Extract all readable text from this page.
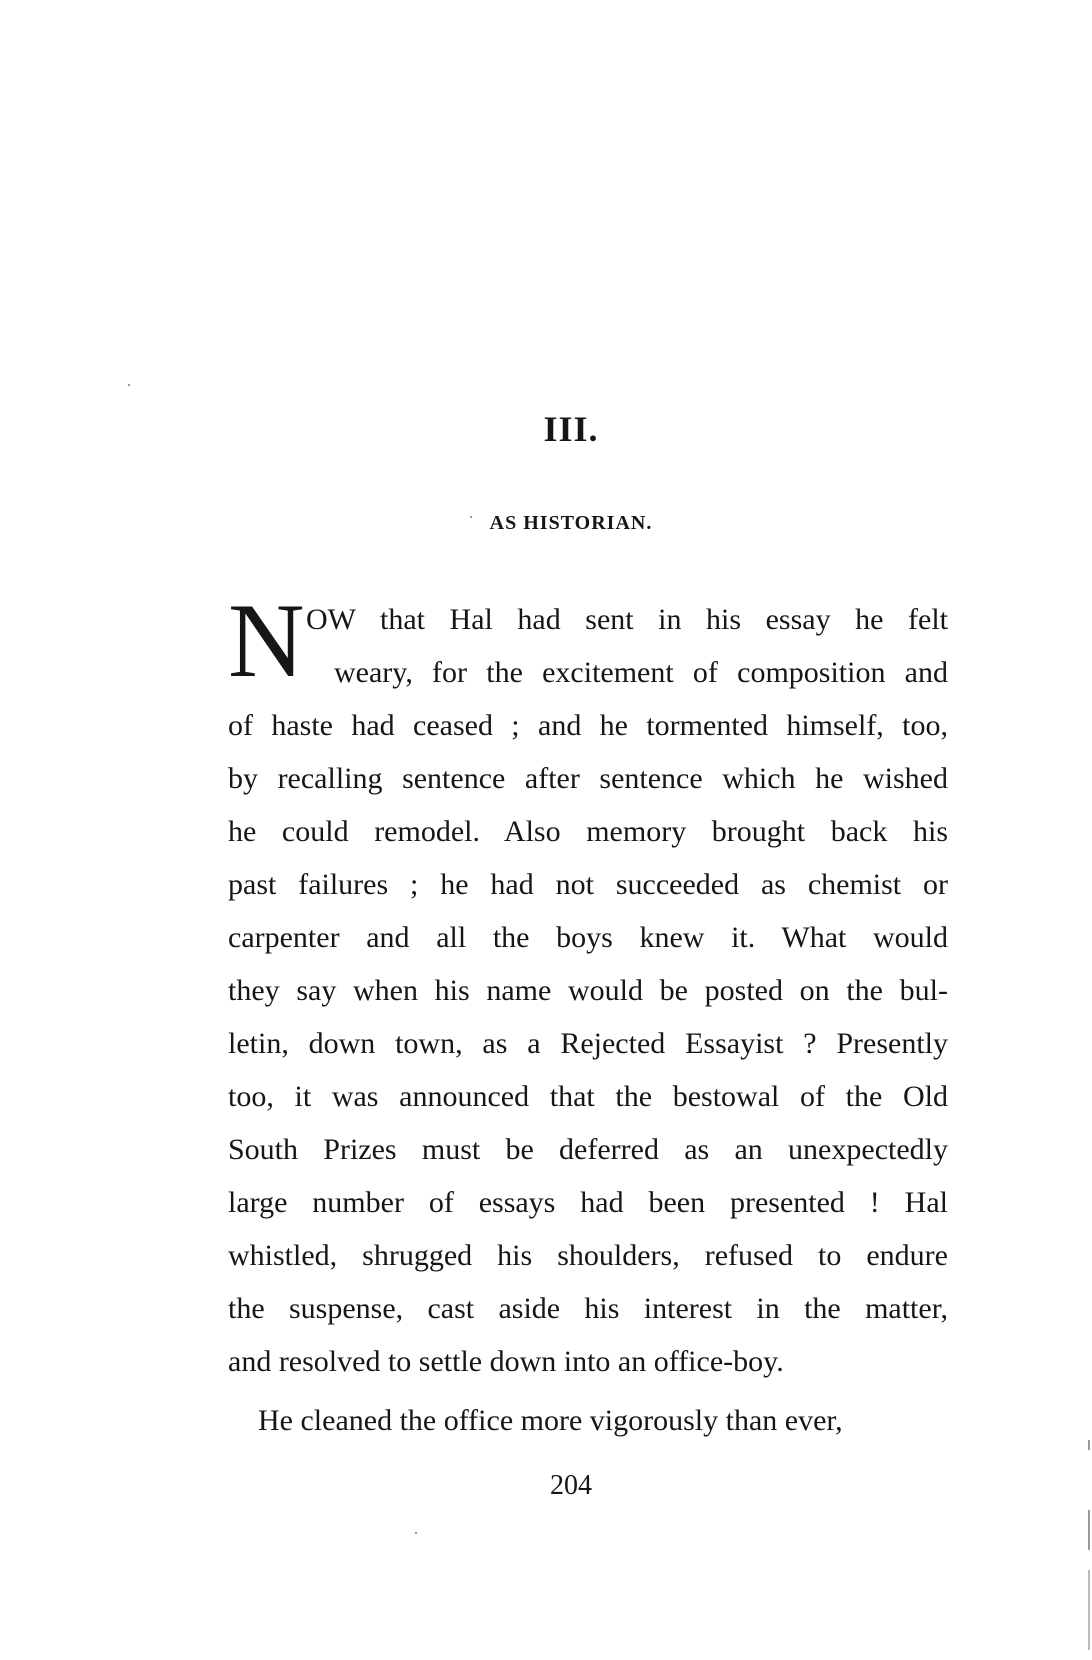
III.
AS HISTORIAN.
N OW that Hal had sent in his essay he felt
weary, for the excitement of composition and
of haste had ceased ; and he tormented himself, too,
by recalling sentence after sentence which he wished
he could remodel. Also memory brought back his
past failures ; he had not succeeded as chemist or
carpenter and all the boys knew it. What would
they say when his name would be posted on the bul-
letin, down town, as a Rejected Essayist ? Presently
too, it was announced that the bestowal of the Old
South Prizes must be deferred as an unexpectedly
large number of essays had been presented ! Hal
whistled, shrugged his shoulders, refused to endure
the suspense, cast aside his interest in the matter,
and resolved to settle down into an office-boy.
He cleaned the office more vigorously than ever,
204
